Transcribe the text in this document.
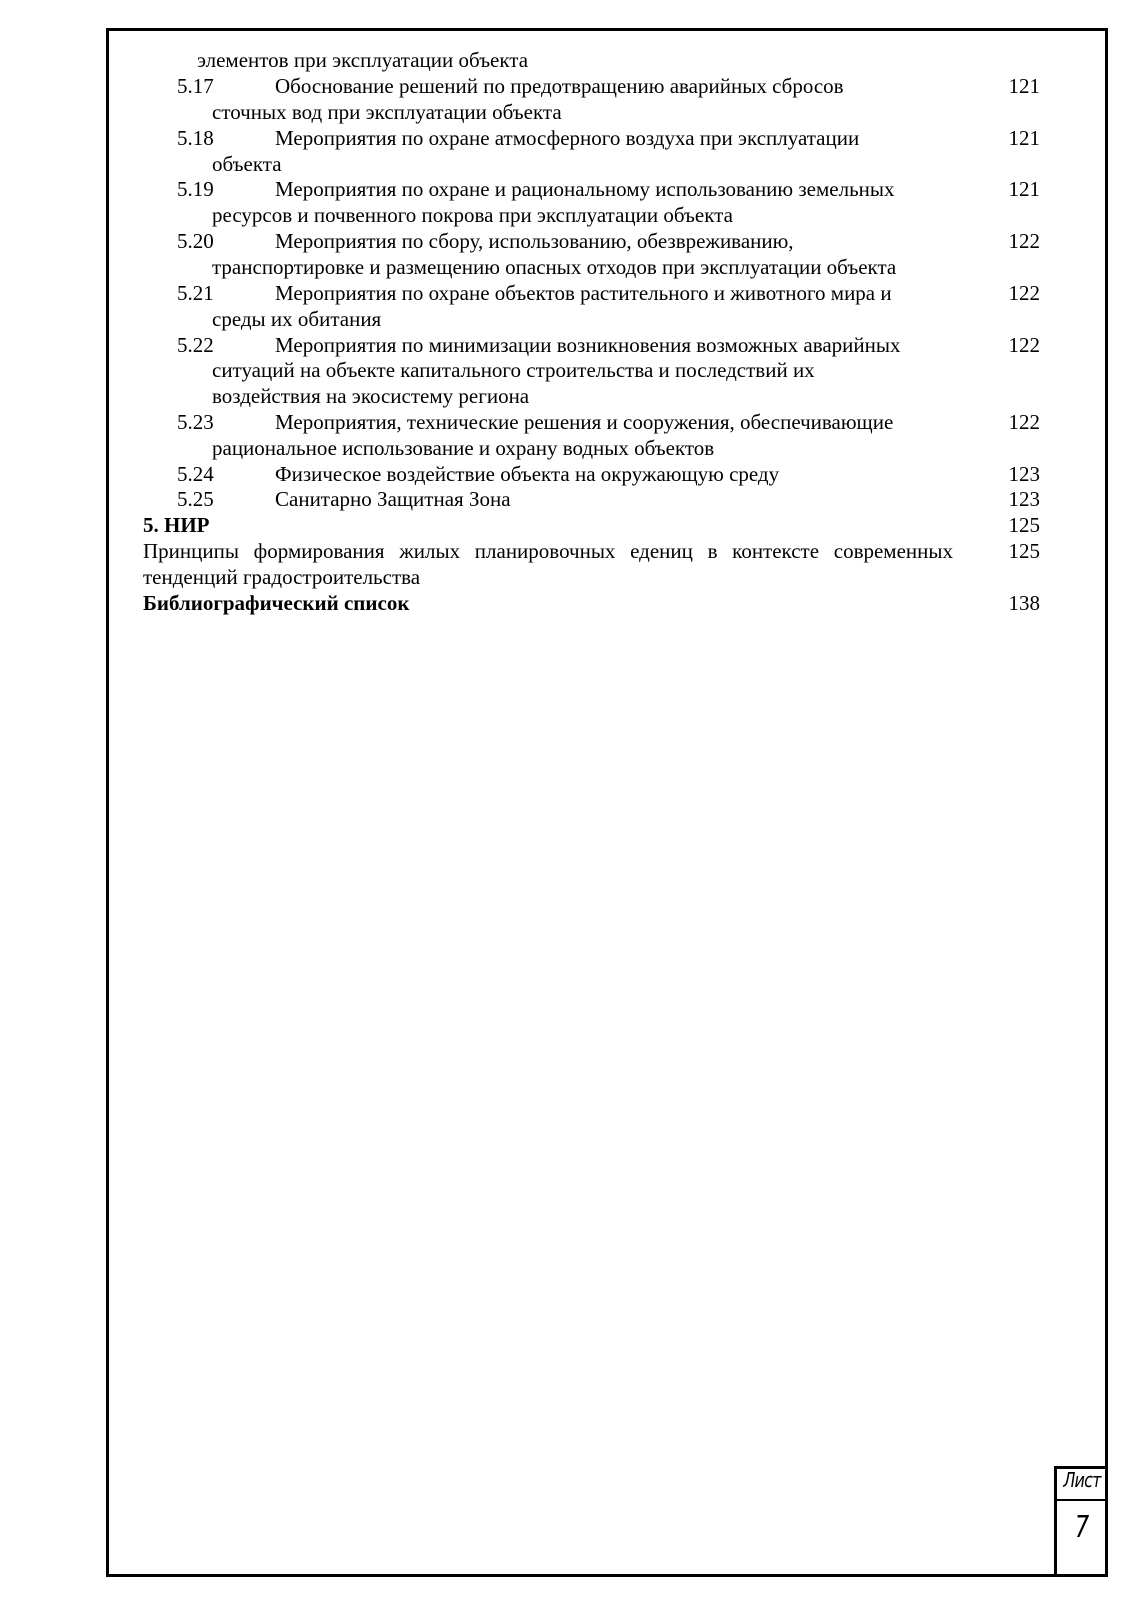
элементов при эксплуатации объекта
5.17	Обоснование решений по предотвращению аварийных сбросов	121
сточных вод при эксплуатации объекта
5.18	Мероприятия по охране атмосферного воздуха при эксплуатации	121
объекта
5.19	Мероприятия по охране и рациональному использованию земельных	121
ресурсов и почвенного покрова при эксплуатации объекта
5.20	Мероприятия по сбору, использованию, обезвреживанию,	122
транспортировке и размещению опасных отходов при эксплуатации объекта
5.21	Мероприятия по охране объектов растительного и животного мира и	122
среды их обитания
5.22	Мероприятия по минимизации возникновения возможных аварийных	122
ситуаций на объекте капитального строительства и последствий их
воздействия на экосистему региона
5.23	Мероприятия, технические решения и сооружения, обеспечивающие	122
рациональное использование и охрану водных объектов
5.24	Физическое воздействие объекта на окружающую среду	123
5.25	Санитарно Защитная Зона	123
5. НИР	125
Принципы формирования жилых планировочных едениц в контексте современных	125
тенденций градостроительства
Библиографический список	138
Лист
7
